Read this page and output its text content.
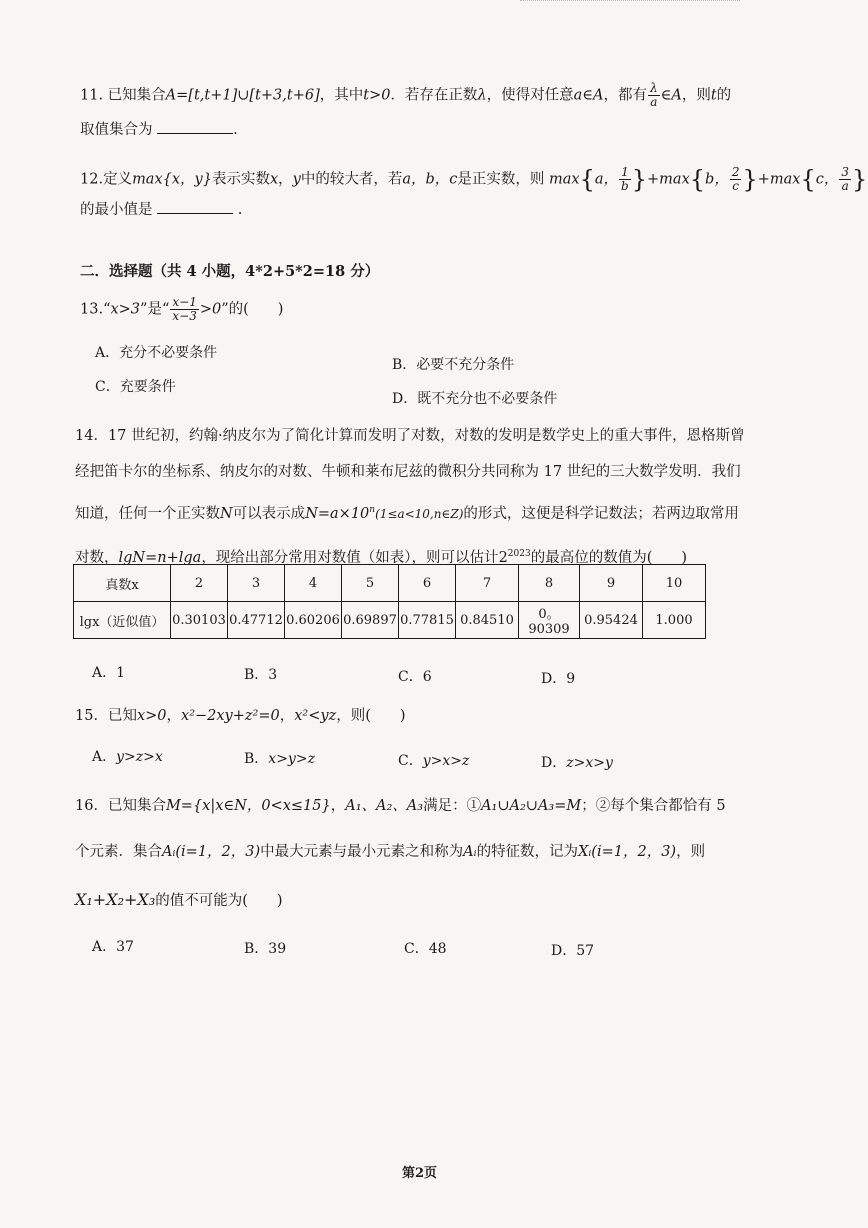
11. 已知集合A=[t,t+1]∪[t+3,t+6]，其中t>0．若存在正数λ，使得对任意a∈A，都有 $\frac{\lambda}{a}$ ∈A，则t的
取值集合为	.
12.定义max{x，y}表示实数x，y中的较大者，若a，b，c是正实数，则 max{a， $\frac{1}{b} \}+\max\{b$， $\frac{2}{c} \}+\max\{c$， $\frac{3}{a}$ }
的最小值是	.
二．选择题（共 4 小题，4*2+5*2=18 分）
13.“x>3”是“ $\frac{x-1}{x-3} >0$”的(　　)
A．充分不必要条件
B．必要不充分条件
C．充要条件
D．既不充分也不必要条件
14．17 世纪初，约翰·纳皮尔为了简化计算而发明了对数，对数的发明是数学史上的重大事件，恩格斯曾
经把笛卡尔的坐标系、纳皮尔的对数、牛顿和莱布尼兹的微积分共同称为 17 世纪的三大数学发明．我们
知道，任何一个正实数N可以表示成$N=a\times 10^n(1\le a<10,n\in Z)$的形式，这便是科学记数法；若两边取常用
对数，lgN=n+lga，现给出部分常用对数值（如表），则可以估计$2^{2023}$的最高位的数值为(　　)
真数x	2	3	4	5	6	7	8	9	10
lgx（近似值）	0.30103	0.47712	0.60206	0.69897	0.77815	0.84510	0。90309	0.95424	1.000
A．1	B．3	C．6	D．9
15．已知x>0，x²−2xy+z²=0，x²<yz，则(　　)
A．y>z>x	B．x>y>z	C．y>x>z	D．z>x>y
16．已知集合M={x|x∈N，0<x≤15}，A₁、A₂、A₃满足：①A₁∪A₂∪A₃=M；②每个集合都恰有 5
个元素．集合Aᵢ(i=1，2，3)中最大元素与最小元素之和称为Aᵢ的特征数，记为Xᵢ(i=1，2，3)，则
X₁+X₂+X₃的值不可能为(　　)
A．37	B．39	C．48	D．57
第2页
